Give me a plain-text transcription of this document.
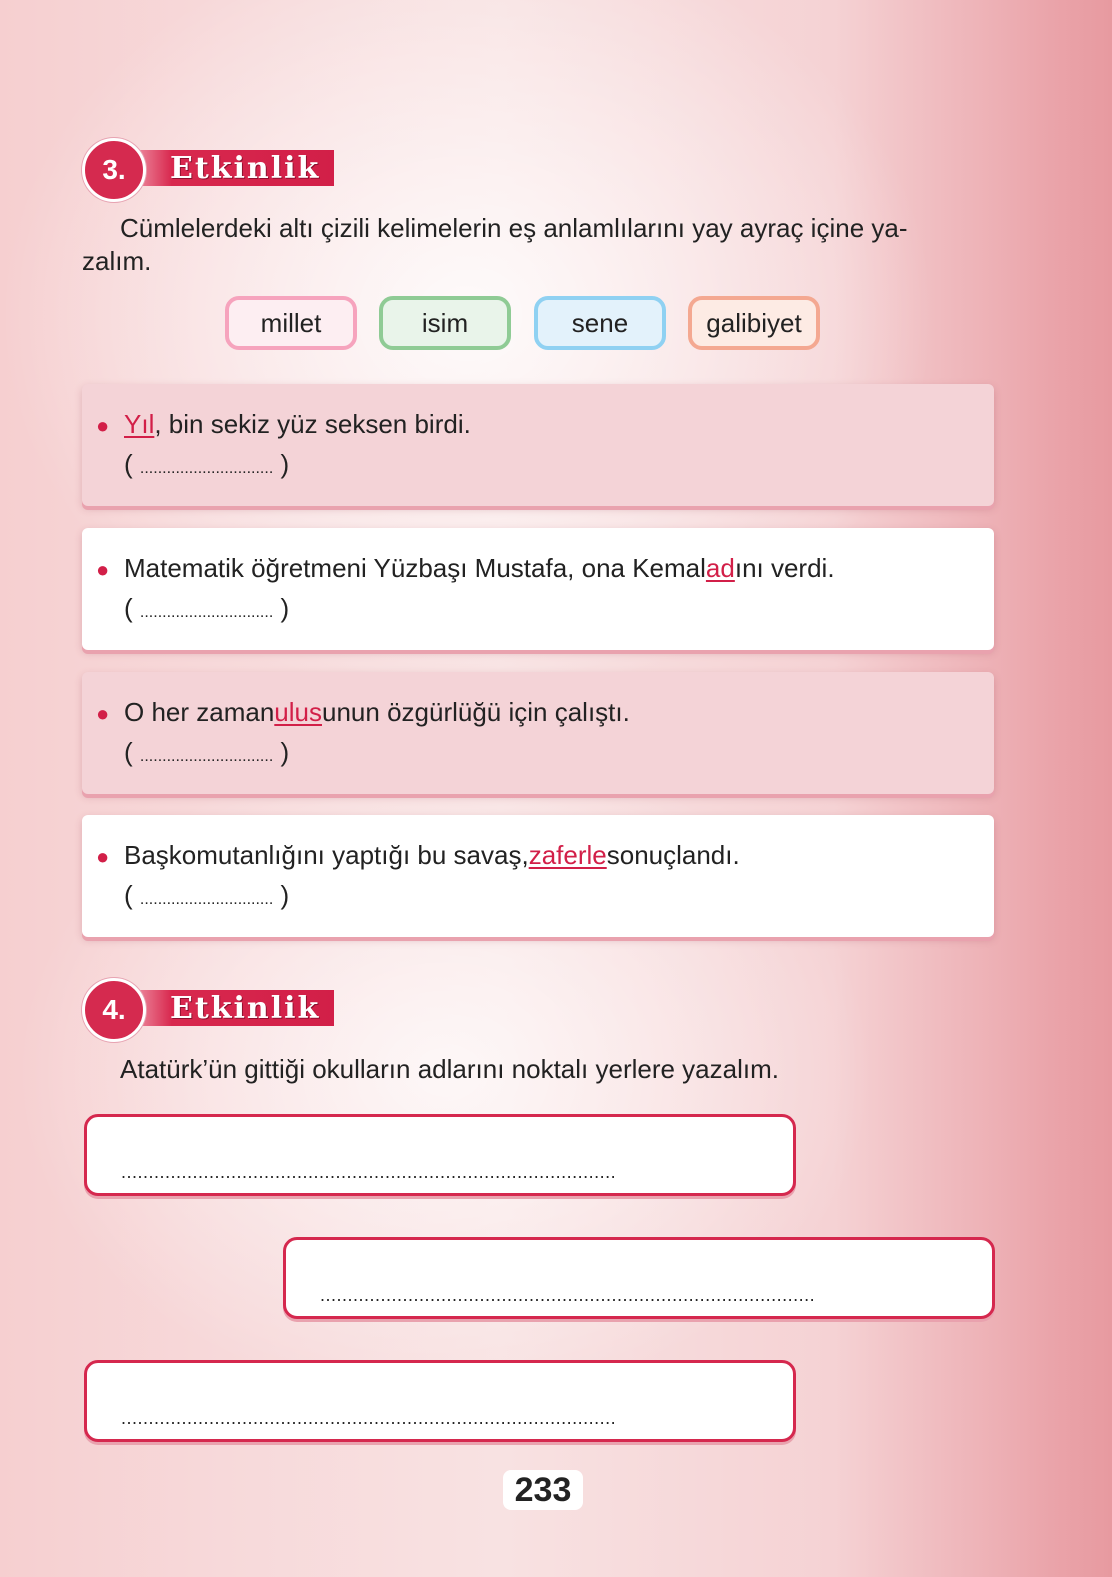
3.	Etkinlik
Cümlelerdeki altı çizili kelimelerin eş anlamlılarını yay ayraç içine ya-
zalım.
millet	isim	sene	galibiyet
● Yıl , bin sekiz yüz seksen birdi.
( .............................. )
● Matematik öğretmeni Yüzbaşı Mustafa, ona Kemal ad ını verdi.
( .............................. )
● O her zaman ulus unun özgürlüğü için çalıştı.
( .............................. )
● Başkomutanlığını yaptığı bu savaş, zaferle sonuçlandı.
( .............................. )
4.	Etkinlik
Atatürk’ün gittiği okulların adlarını noktalı yerlere yazalım.
..........................................................................................
..........................................................................................
..........................................................................................
233
